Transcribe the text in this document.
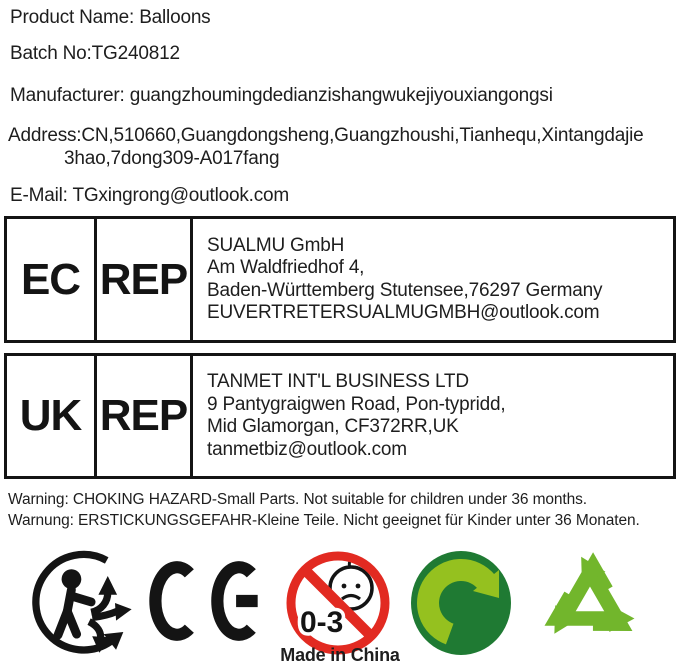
Product Name: Balloons
Batch No:TG240812
Manufacturer: guangzhoumingdedianzishangwukejiyouxiangongsi
Address:CN,510660,Guangdongsheng,Guangzhoushi,Tianhequ,Xintangdajie
3hao,7dong309-A017fang
E-Mail: TGxingrong@outlook.com
EC REP
SUALMU GmbH
Am Waldfriedhof 4,
Baden-Württemberg Stutensee,76297 Germany
EUVERTRETERSUALMUGMBH@outlook.com
UK REP
TANMET INT'L BUSINESS LTD
9 Pantygraigwen Road, Pon-typridd,
Mid Glamorgan, CF372RR,UK
tanmetbiz@outlook.com
Warning: CHOKING HAZARD-Small Parts. Not suitable for children under 36 months.
Warnung: ERSTICKUNGSGEFAHR-Kleine Teile. Nicht geeignet für Kinder unter 36 Monaten.
0-3
Made in China
